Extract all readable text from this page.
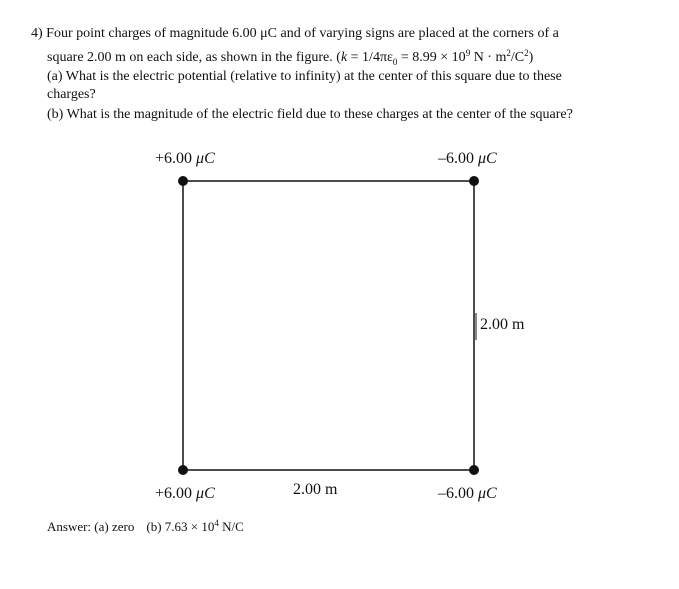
4) Four point charges of magnitude 6.00 μC and of varying signs are placed at the corners of a
square 2.00 m on each side, as shown in the figure. ($k = 1/4\pi\varepsilon_0 = 8.99 \times 10^9$ $N \cdot m^2/C^2$)
(a) What is the electric potential (relative to infinity) at the center of this square due to these
charges?
(b) What is the magnitude of the electric field due to these charges at the center of the square?
+6.00 μC	–6.00 μC
+6.00 μC	–6.00 μC
2.00 m
2.00 m
Answer: (a) zero (b) $7.63 \times 10^4$ N/C
